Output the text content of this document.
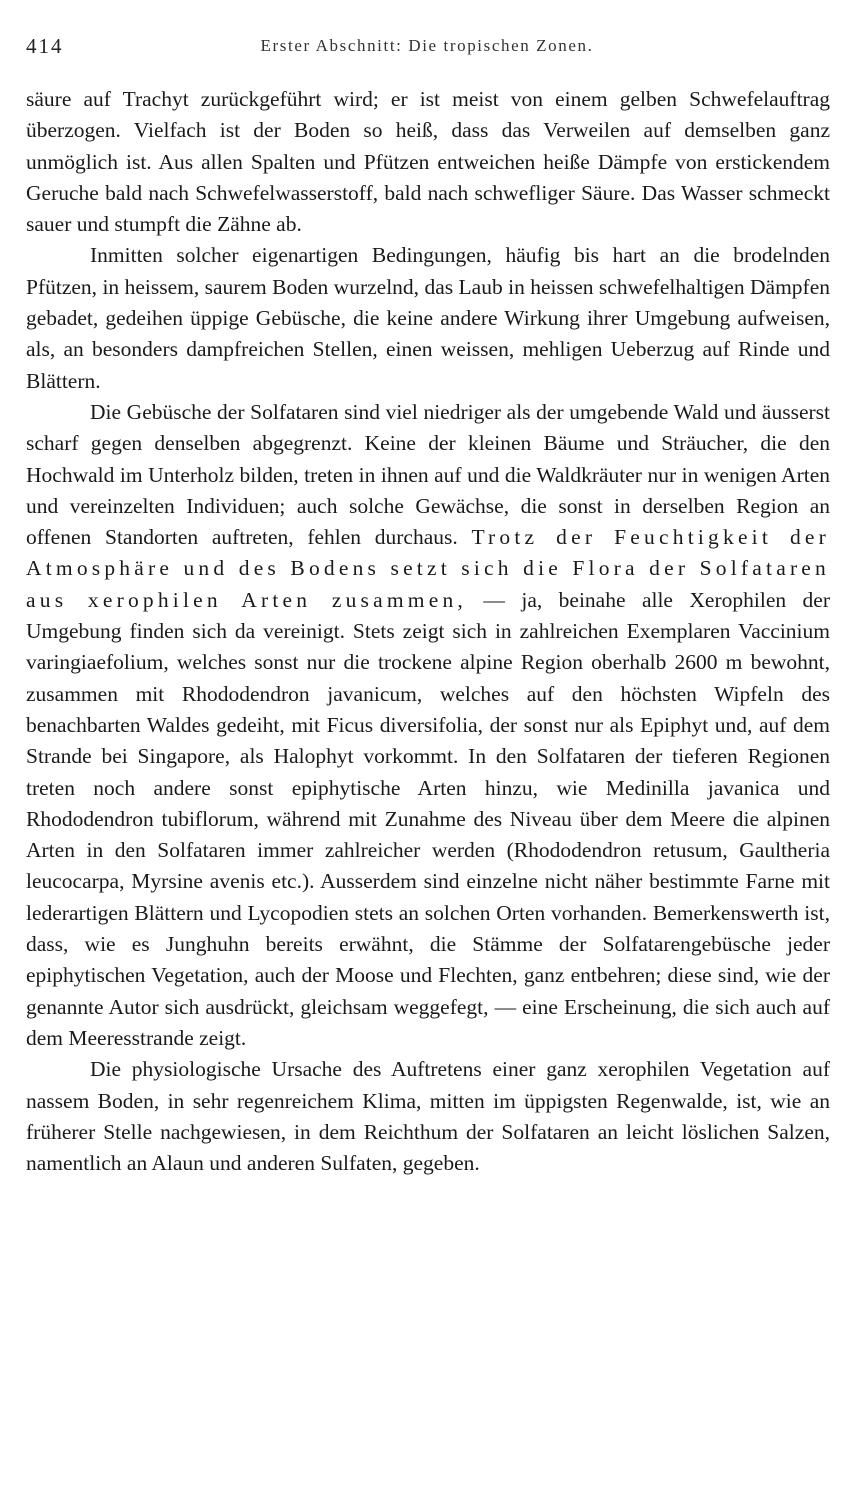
414	Erster Abschnitt: Die tropischen Zonen.

säure auf Trachyt zurückgeführt wird; er ist meist von einem gelben Schwefelauftrag überzogen. Vielfach ist der Boden so heiß, dass das Verweilen auf demselben ganz unmöglich ist. Aus allen Spalten und Pfützen entweichen heiße Dämpfe von erstickendem Geruche bald nach Schwefelwasserstoff, bald nach schwefliger Säure. Das Wasser schmeckt sauer und stumpft die Zähne ab.

Inmitten solcher eigenartigen Bedingungen, häufig bis hart an die brodelnden Pfützen, in heissem, saurem Boden wurzelnd, das Laub in heissen schwefelhaltigen Dämpfen gebadet, gedeihen üppige Gebüsche, die keine andere Wirkung ihrer Umgebung aufweisen, als, an besonders dampfreichen Stellen, einen weissen, mehligen Ueberzug auf Rinde und Blättern.

Die Gebüsche der Solfataren sind viel niedriger als der umgebende Wald und äusserst scharf gegen denselben abgegrenzt. Keine der kleinen Bäume und Sträucher, die den Hochwald im Unterholz bilden, treten in ihnen auf und die Waldkräuter nur in wenigen Arten und vereinzelten Individuen; auch solche Gewächse, die sonst in derselben Region an offenen Standorten auftreten, fehlen durchaus. Trotz der Feuchtigkeit der Atmosphäre und des Bodens setzt sich die Flora der Solfataren aus xerophilen Arten zusammen, — ja, beinahe alle Xerophilen der Umgebung finden sich da vereinigt. Stets zeigt sich in zahlreichen Exemplaren Vaccinium varingiaefolium, welches sonst nur die trockene alpine Region oberhalb 2600 m bewohnt, zusammen mit Rhododendron javanicum, welches auf den höchsten Wipfeln des benachbarten Waldes gedeiht, mit Ficus diversifolia, der sonst nur als Epiphyt und, auf dem Strande bei Singapore, als Halophyt vorkommt. In den Solfataren der tieferen Regionen treten noch andere sonst epiphytische Arten hinzu, wie Medinilla javanica und Rhododendron tubiflorum, während mit Zunahme des Niveau über dem Meere die alpinen Arten in den Solfataren immer zahlreicher werden (Rhododendron retusum, Gaultheria leucocarpa, Myrsine avenis etc.). Ausserdem sind einzelne nicht näher bestimmte Farne mit lederartigen Blättern und Lycopodien stets an solchen Orten vorhanden. Bemerkenswerth ist, dass, wie es Junghuhn bereits erwähnt, die Stämme der Solfatarengebüsche jeder epiphytischen Vegetation, auch der Moose und Flechten, ganz entbehren; diese sind, wie der genannte Autor sich ausdrückt, gleichsam weggefegt, — eine Erscheinung, die sich auch auf dem Meeresstrande zeigt.

Die physiologische Ursache des Auftretens einer ganz xerophilen Vegetation auf nassem Boden, in sehr regenreichem Klima, mitten im üppigsten Regenwalde, ist, wie an früherer Stelle nachgewiesen, in dem Reichthum der Solfataren an leicht löslichen Salzen, namentlich an Alaun und anderen Sulfaten, gegeben.
